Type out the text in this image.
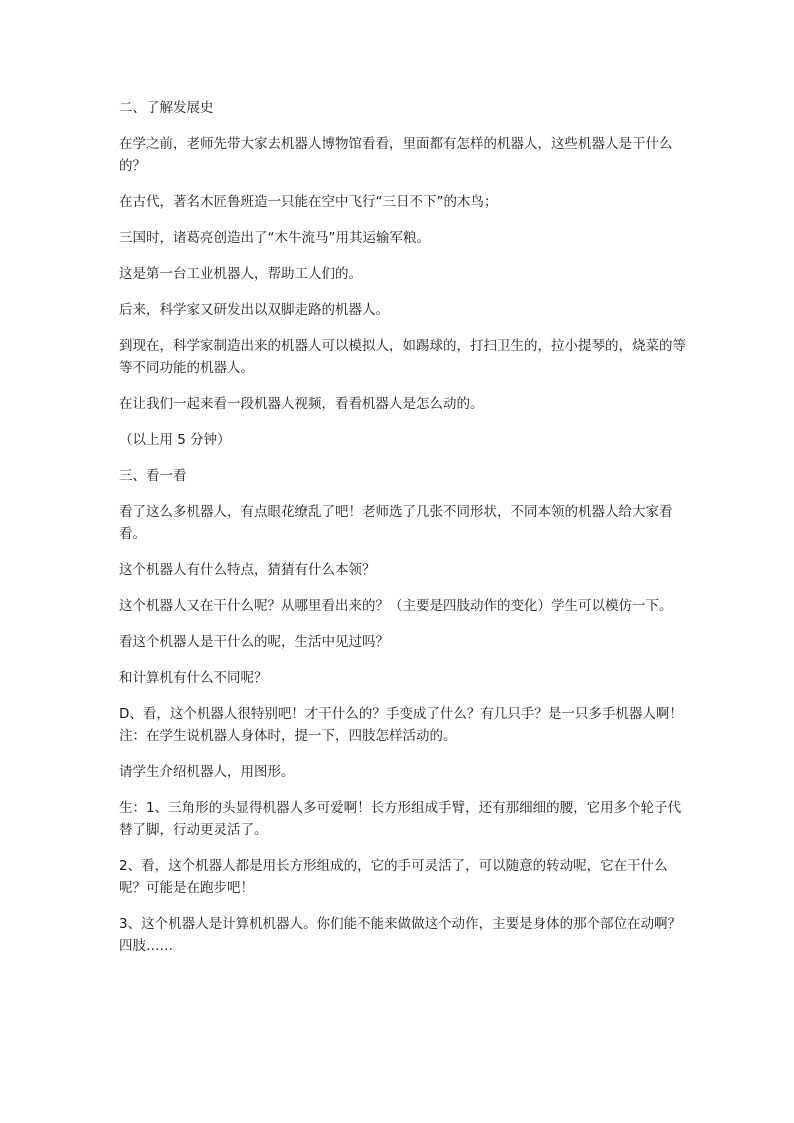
二、了解发展史

在学之前，老师先带大家去机器人博物馆看看，里面都有怎样的机器人，这些机器人是干什么的？

在古代，著名木匠鲁班造一只能在空中飞行“三日不下”的木鸟；

三国时，诸葛亮创造出了“木牛流马”用其运输军粮。

这是第一台工业机器人，帮助工人们的。

后来，科学家又研发出以双脚走路的机器人。

到现在，科学家制造出来的机器人可以模拟人，如踢球的，打扫卫生的，拉小提琴的，烧菜的等等不同功能的机器人。

在让我们一起来看一段机器人视频，看看机器人是怎么动的。

（以上用 5 分钟）

三、看一看

看了这么多机器人，有点眼花缭乱了吧！老师选了几张不同形状，不同本领的机器人给大家看看。

这个机器人有什么特点，猜猜有什么本领？

这个机器人又在干什么呢？从哪里看出来的？（主要是四肢动作的变化）学生可以模仿一下。

看这个机器人是干什么的呢，生活中见过吗？

和计算机有什么不同呢？

D、看，这个机器人很特别吧！才干什么的？手变成了什么？有几只手？是一只多手机器人啊！注：在学生说机器人身体时，提一下，四肢怎样活动的。

请学生介绍机器人，用图形。

生：1、三角形的头显得机器人多可爱啊！长方形组成手臂，还有那细细的腰，它用多个轮子代替了脚，行动更灵活了。

2、看，这个机器人都是用长方形组成的，它的手可灵活了，可以随意的转动呢，它在干什么呢？可能是在跑步吧！

3、这个机器人是计算机机器人。你们能不能来做做这个动作，主要是身体的那个部位在动啊？四肢……
